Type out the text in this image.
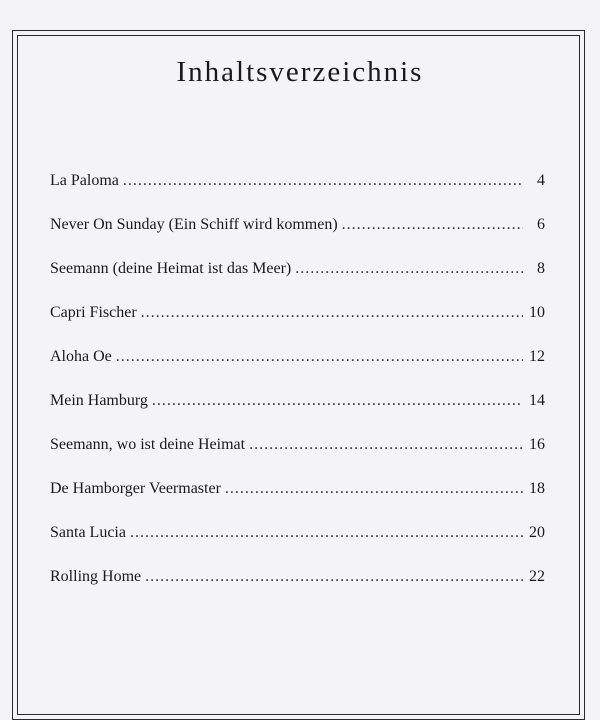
Inhaltsverzeichnis
La Paloma .....	4
Never On Sunday (Ein Schiff wird kommen) .....	6
Seemann (deine Heimat ist das Meer) .....	8
Capri Fischer .....	10
Aloha Oe .....	12
Mein Hamburg .....	14
Seemann, wo ist deine Heimat .....	16
De Hamborger Veermaster .....	18
Santa Lucia .....	20
Rolling Home .....	22
